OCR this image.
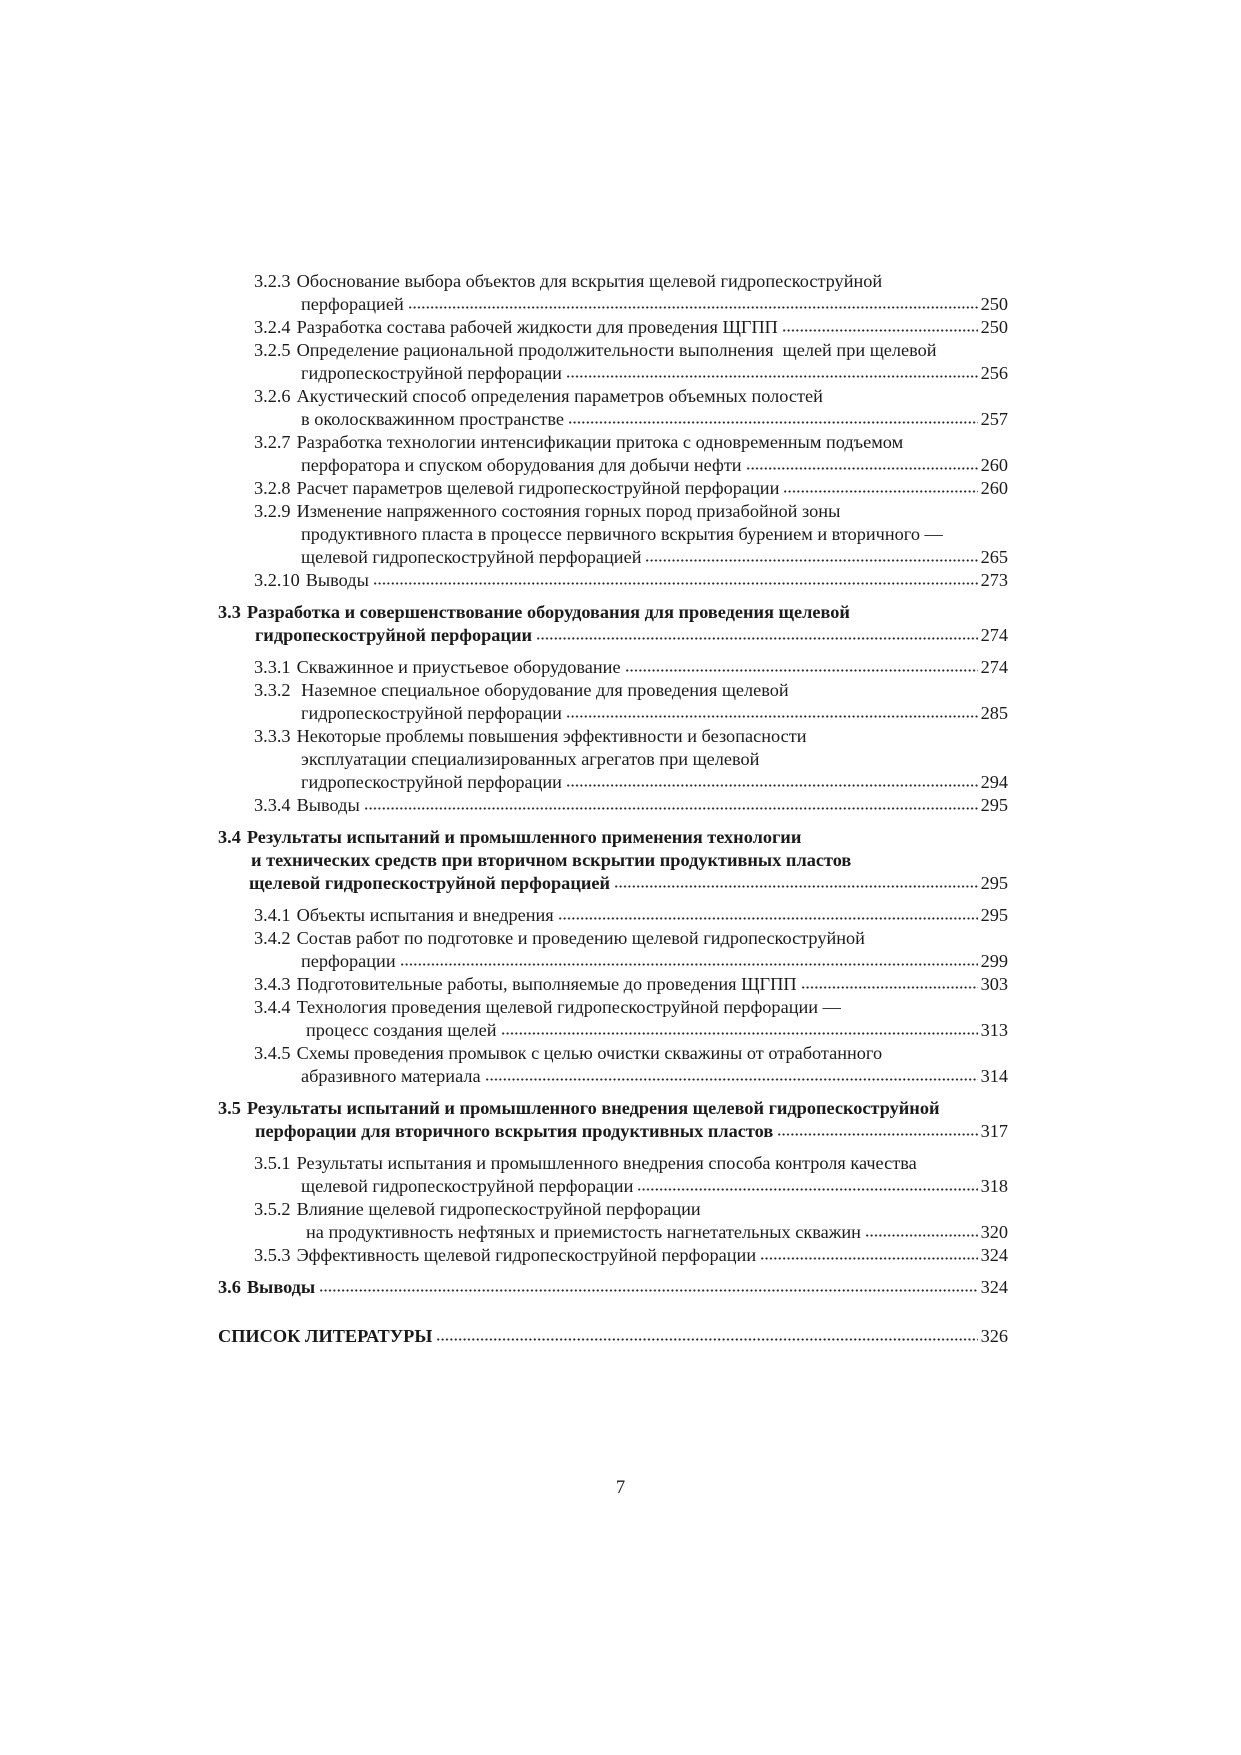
3.2.3 Обоснование выбора объектов для вскрытия щелевой гидропескоструйной
перфорацией	250
3.2.4 Разработка состава рабочей жидкости для проведения ЩГПП	250
3.2.5 Определение рациональной продолжительности выполнения  щелей при щелевой
гидропескоструйной перфорации	256
3.2.6 Акустический способ определения параметров объемных полостей
в околоскважинном пространстве	257
3.2.7 Разработка технологии интенсификации притока с одновременным подъемом
перфоратора и спуском оборудования для добычи нефти	260
3.2.8 Расчет параметров щелевой гидропескоструйной перфорации	260
3.2.9 Изменение напряженного состояния горных пород призабойной зоны
продуктивного пласта в процессе первичного вскрытия бурением и вторичного —
щелевой гидропескоструйной перфорацией	265
3.2.10 Выводы	273
3.3 Разработка и совершенствование оборудования для проведения щелевой
гидропескоструйной перфорации	274
3.3.1 Скважинное и приустьевое оборудование	274
3.3.2 Наземное специальное оборудование для проведения щелевой
гидропескоструйной перфорации	285
3.3.3 Некоторые проблемы повышения эффективности и безопасности
эксплуатации специализированных агрегатов при щелевой
гидропескоструйной перфорации	294
3.3.4 Выводы	295
3.4 Результаты испытаний и промышленного применения технологии
и технических средств при вторичном вскрытии продуктивных пластов
щелевой гидропескоструйной перфорацией	295
3.4.1 Объекты испытания и внедрения	295
3.4.2 Состав работ по подготовке и проведению щелевой гидропескоструйной
перфорации	299
3.4.3 Подготовительные работы, выполняемые до проведения ЩГПП	303
3.4.4 Технология проведения щелевой гидропескоструйной перфорации —
процесс создания щелей	313
3.4.5 Схемы проведения промывок с целью очистки скважины от отработанного
абразивного материала	314
3.5 Результаты испытаний и промышленного внедрения щелевой гидропескоструйной
перфорации для вторичного вскрытия продуктивных пластов	317
3.5.1 Результаты испытания и промышленного внедрения способа контроля качества
щелевой гидропескоструйной перфорации	318
3.5.2 Влияние щелевой гидропескоструйной перфорации
на продуктивность нефтяных и приемистость нагнетательных скважин	320
3.5.3 Эффективность щелевой гидропескоструйной перфорации	324
3.6 Выводы	324
СПИСОК ЛИТЕРАТУРЫ	326
7
